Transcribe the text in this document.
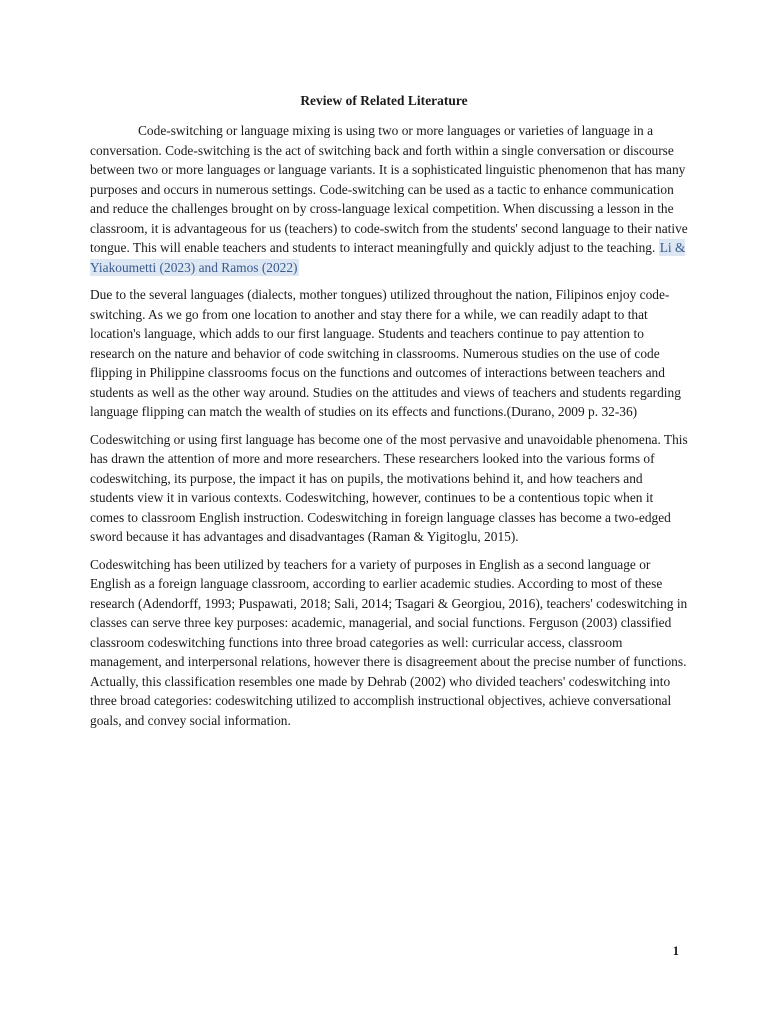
Review of Related Literature

Code-switching or language mixing is using two or more languages or varieties of language in a conversation. Code-switching is the act of switching back and forth within a single conversation or discourse between two or more languages or language variants. It is a sophisticated linguistic phenomenon that has many purposes and occurs in numerous settings. Code-switching can be used as a tactic to enhance communication and reduce the challenges brought on by cross-language lexical competition. When discussing a lesson in the classroom, it is advantageous for us (teachers) to code-switch from the students' second language to their native tongue. This will enable teachers and students to interact meaningfully and quickly adjust to the teaching. Li & Yiakoumetti (2023) and Ramos (2022)

Due to the several languages (dialects, mother tongues) utilized throughout the nation, Filipinos enjoy code-switching. As we go from one location to another and stay there for a while, we can readily adapt to that location's language, which adds to our first language. Students and teachers continue to pay attention to research on the nature and behavior of code switching in classrooms. Numerous studies on the use of code flipping in Philippine classrooms focus on the functions and outcomes of interactions between teachers and students as well as the other way around. Studies on the attitudes and views of teachers and students regarding language flipping can match the wealth of studies on its effects and functions.(Durano, 2009 p. 32-36)

Codeswitching or using first language has become one of the most pervasive and unavoidable phenomena. This has drawn the attention of more and more researchers. These researchers looked into the various forms of codeswitching, its purpose, the impact it has on pupils, the motivations behind it, and how teachers and students view it in various contexts. Codeswitching, however, continues to be a contentious topic when it comes to classroom English instruction. Codeswitching in foreign language classes has become a two-edged sword because it has advantages and disadvantages (Raman & Yigitoglu, 2015).

Codeswitching has been utilized by teachers for a variety of purposes in English as a second language or English as a foreign language classroom, according to earlier academic studies. According to most of these research (Adendorff, 1993; Puspawati, 2018; Sali, 2014; Tsagari & Georgiou, 2016), teachers' codeswitching in classes can serve three key purposes: academic, managerial, and social functions. Ferguson (2003) classified classroom codeswitching functions into three broad categories as well: curricular access, classroom management, and interpersonal relations, however there is disagreement about the precise number of functions. Actually, this classification resembles one made by Dehrab (2002) who divided teachers' codeswitching into three broad categories: codeswitching utilized to accomplish instructional objectives, achieve conversational goals, and convey social information.

1
